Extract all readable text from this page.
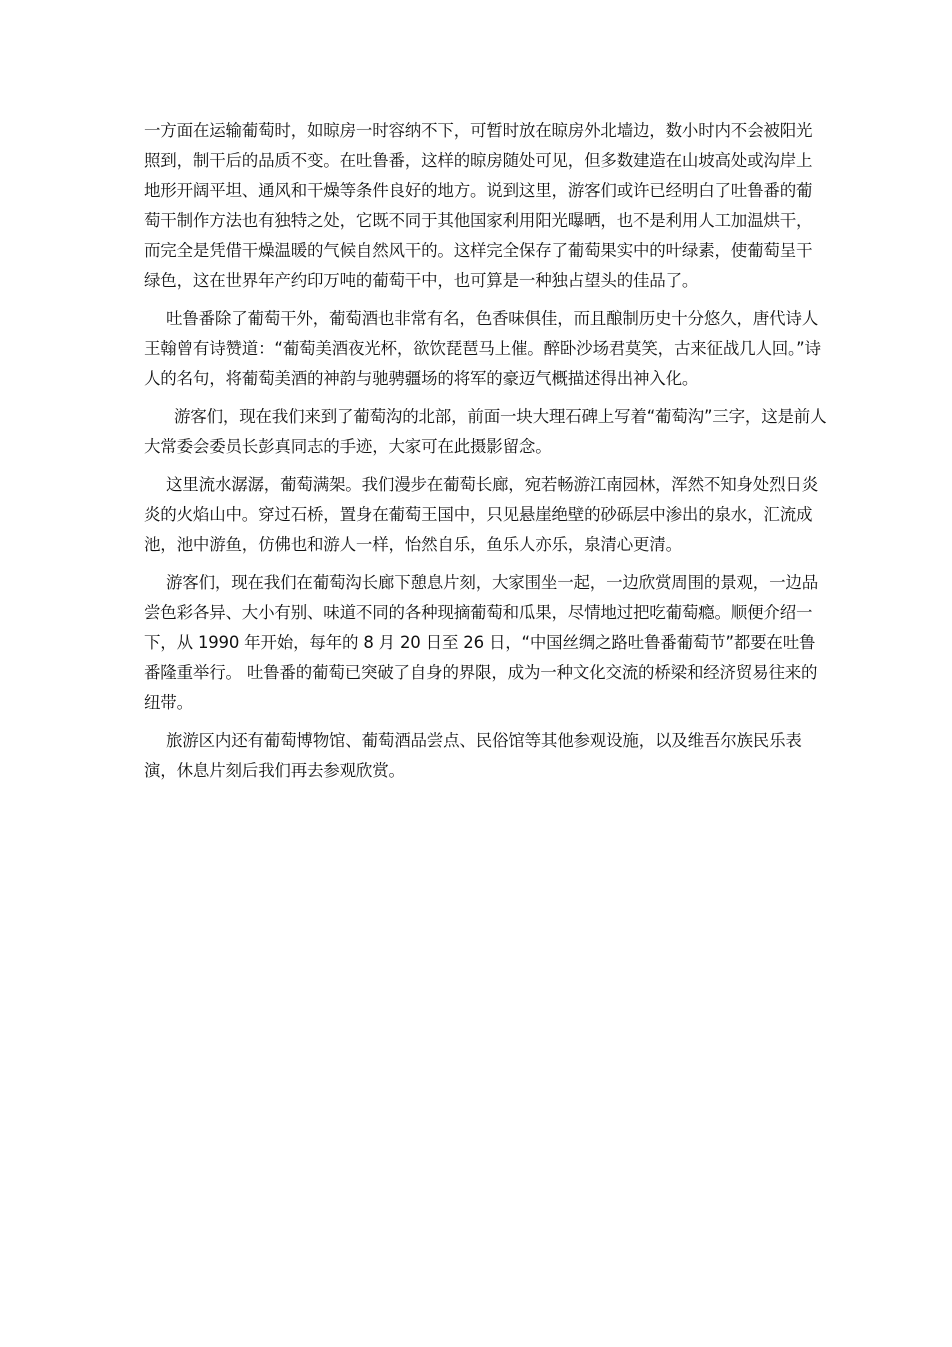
一方面在运输葡萄时，如晾房一时容纳不下，可暂时放在晾房外北墙边，数小时内不会被阳光照到，制干后的品质不变。在吐鲁番，这样的晾房随处可见，但多数建造在山坡高处或沟岸上地形开阔平坦、通风和干燥等条件良好的地方。说到这里，游客们或许已经明白了吐鲁番的葡萄干制作方法也有独特之处，它既不同于其他国家利用阳光曝晒，也不是利用人工加温烘干，而完全是凭借干燥温暖的气候自然风干的。这样完全保存了葡萄果实中的叶绿素，使葡萄呈干绿色，这在世界年产约印万吨的葡萄干中，也可算是一种独占望头的佳品了。

吐鲁番除了葡萄干外，葡萄酒也非常有名，色香味俱佳，而且酿制历史十分悠久，唐代诗人王翰曾有诗赞道：“葡萄美酒夜光杯，欲饮琵琶马上催。醉卧沙场君莫笑，古来征战几人回。”诗人的名句，将葡萄美酒的神韵与驰骋疆场的将军的豪迈气概描述得出神入化。

游客们，现在我们来到了葡萄沟的北部，前面一块大理石碑上写着“葡萄沟”三字，这是前人大常委会委员长彭真同志的手迹，大家可在此摄影留念。

这里流水潺潺，葡萄满架。我们漫步在葡萄长廊，宛若畅游江南园林，浑然不知身处烈日炎炎的火焰山中。穿过石桥，置身在葡萄王国中，只见悬崖绝壁的砂砾层中渗出的泉水，汇流成池，池中游鱼，仿佛也和游人一样，怡然自乐，鱼乐人亦乐，泉清心更清。

游客们，现在我们在葡萄沟长廊下憩息片刻，大家围坐一起，一边欣赏周围的景观，一边品尝色彩各异、大小有别、味道不同的各种现摘葡萄和瓜果，尽情地过把吃葡萄瘾。顺便介绍一下，从 1990 年开始，每年的 8 月 20 日至 26 日，“中国丝绸之路吐鲁番葡萄节”都要在吐鲁番隆重举行。 吐鲁番的葡萄已突破了自身的界限，成为一种文化交流的桥梁和经济贸易往来的纽带。

旅游区内还有葡萄博物馆、葡萄酒品尝点、民俗馆等其他参观设施，以及维吾尔族民乐表演，休息片刻后我们再去参观欣赏。
